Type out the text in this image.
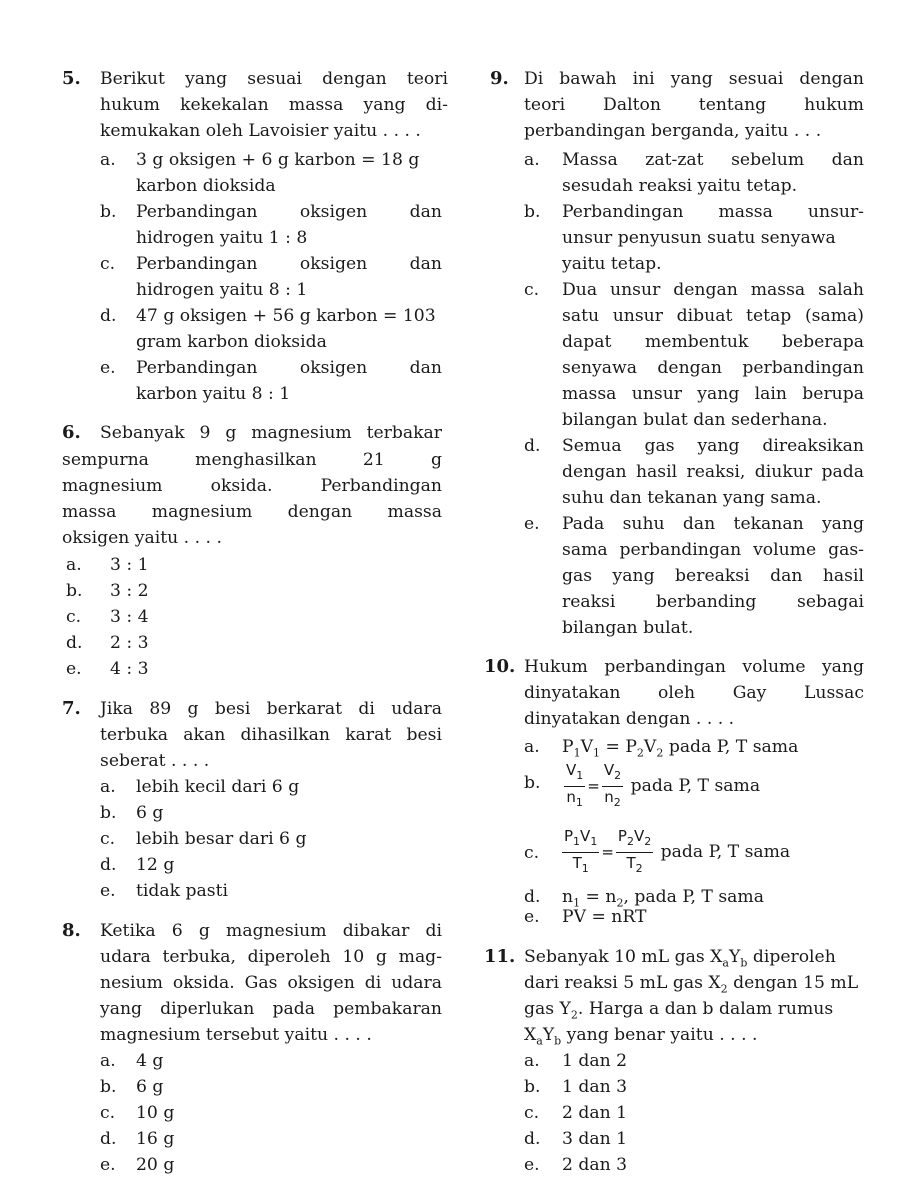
5. Berikut yang sesuai dengan teori
hukum kekekalan massa yang di-
kemukakan oleh Lavoisier yaitu . . . .
a. 3 g oksigen + 6 g karbon = 18 g
karbon dioksida
b. Perbandingan oksigen dan
hidrogen yaitu 1 : 8
c. Perbandingan oksigen dan
hidrogen yaitu 8 : 1
d. 47 g oksigen + 56 g karbon = 103
gram karbon dioksida
e. Perbandingan oksigen dan
karbon yaitu 8 : 1
6. Sebanyak 9 g magnesium terbakar
sempurna menghasilkan 21 g
magnesium oksida. Perbandingan
massa magnesium dengan massa
oksigen yaitu . . . .
a. 3 : 1
b. 3 : 2
c. 3 : 4
d. 2 : 3
e. 4 : 3
7. Jika 89 g besi berkarat di udara
terbuka akan dihasilkan karat besi
seberat . . . .
a. lebih kecil dari 6 g
b. 6 g
c. lebih besar dari 6 g
d. 12 g
e. tidak pasti
8. Ketika 6 g magnesium dibakar di
udara terbuka, diperoleh 10 g mag-
nesium oksida. Gas oksigen di udara
yang diperlukan pada pembakaran
magnesium tersebut yaitu . . . .
a. 4 g
b. 6 g
c. 10 g
d. 16 g
e. 20 g
9. Di bawah ini yang sesuai dengan
teori Dalton tentang hukum
perbandingan berganda, yaitu . . .
a. Massa zat-zat sebelum dan
sesudah reaksi yaitu tetap.
b. Perbandingan massa unsur-
unsur penyusun suatu senyawa
yaitu tetap.
c. Dua unsur dengan massa salah
satu unsur dibuat tetap (sama)
dapat membentuk beberapa
senyawa dengan perbandingan
massa unsur yang lain berupa
bilangan bulat dan sederhana.
d. Semua gas yang direaksikan
dengan hasil reaksi, diukur pada
suhu dan tekanan yang sama.
e. Pada suhu dan tekanan yang
sama perbandingan volume gas-
gas yang bereaksi dan hasil
reaksi berbanding sebagai
bilangan bulat.
10. Hukum perbandingan volume yang
dinyatakan oleh Gay Lussac
dinyatakan dengan . . . .
a. $P_1V_1 = P_2V_2$ pada P, T sama
b. $\frac{V_1}{n_1} = \frac{V_2}{n_2}$ pada P, T sama
c. $\frac{P_1V_1}{T_1} = \frac{P_2V_2}{T_2}$ pada P, T sama
d. $n_1 = n_2$, pada P, T sama
e. PV = nRT
11. Sebanyak 10 mL gas $X_aY_b$ diperoleh
dari reaksi 5 mL gas $X_2$ dengan 15 mL
gas $Y_2$. Harga a dan b dalam rumus
$X_aY_b$ yang benar yaitu . . . .
a. 1 dan 2
b. 1 dan 3
c. 2 dan 1
d. 3 dan 1
e. 2 dan 3
